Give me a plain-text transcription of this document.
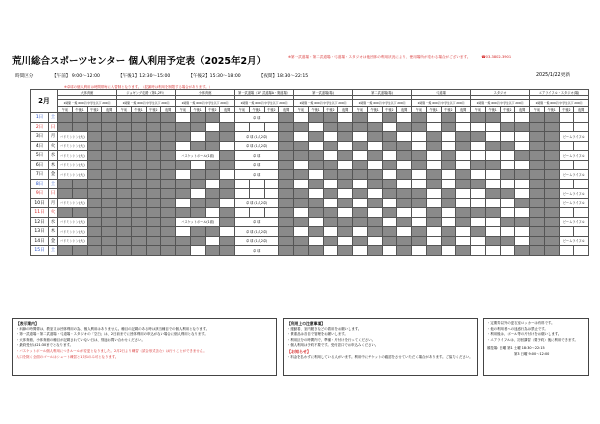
荒川総合スポーツセンター 個人利用予定表（2025年2月）	※第一武道場・第二武道場・弓道場・スタジオは他団体の利用状況により、使用場所が変わる場合がございます。　　　☎03-3802-3901
2025/1/22更新
時間区分	【午前】 9:00～12:00	【午後1】12:30～15:00	【午後2】15:30～18:00	【夜間】18:30～22:15
※卓球の個人利用は時間帯毎に入替制となります。（混雑時は利用を制限する場合があります。）
2月		大体育館				ジョギング走路（第1,2Fl）				小体育館				第一武道場（1F 武道場A・剣道場）				第一武道場(場)				第二武道場(場)				弓道場				スタジオ				エアライフル・スタジオ(場)			

		2時間 一般 600円 中学生以下 200円				2時間 一般 600円 中学生以下 200円				2時間 一般 600円 中学生以下 200円				2時間 一般 600円 中学生以下 200円				2時間 一般 600円 中学生以下 200円				2時間 一般 600円 中学生以下 200円				2時間 一般 600円 中学生以下 200円				2時間 一般 600円 中学生以下 200円				2時間 一般 600円 中学生以下 200円			
		午前	午後1	午後2	夜間	午前	午後1	午後2	夜間	午前	午後1	午後2	夜間	午前	午後1	午後2	夜間	午前	午後1	午後2	夜間	午前	午後1	午後2	夜間	午前	午後1	午後2	夜間	午前	午後1	午後2	夜間	午前	午後1	午後2	夜間
1日	土													卓 球																							
2日	日																																				
3日	月	バドミントン(大)												卓 球 (1人2卓)																						ビームライフル	
4日	火	バドミントン(大)												卓 球 (1人2卓)																							
5日	水	バドミントン(大)								バスケットボール(1面)				卓 球																						ビームライフル	
6日	木	バドミントン(大)												卓 球																							
7日	金	バドミントン(大)												卓 球																						ビームライフル	
8日	土																																				
9日	日																																			ビームライフル	
10日	月	バドミントン(大)												卓 球 (1人2卓)																						ビームライフル	
11日	火																																				
12日	水	バドミントン(大)								バスケットボール(1面)				卓 球																						ビームライフル	
13日	木	バドミントン(大)												卓 球 (1人2卓)																							
14日	金	バドミントン(大)												卓 球 (1人2卓)																						ビームライフル	
15日	土													卓 球																							
【表示案内】
・斜線の時間帯は、教室又は団体利用の為、個人利用はありません。種目の記載のある時は該当種目での個人利用となります。
・第一武道場・第二武道場・弓道場・スタジオの「空白」は、2日前までに団体利用の申込がない場合に個人利用となります。
・大体育館、小体育館の種目が記載されていない日は、別途お問い合わせください。
・最終受付は21:30までとなります。
・バスケットボール個人利用につきルールが変更となりました。2月2日より練習（試合形式含む）は行うことができません。
入口を除く全面のゴールはシュート練習と1対1のみ可となります。
【利用上の注意事項】
・運動着、室内履きなどの着用をお願いします。
・貴重品は各自で管理をお願いします。
・利用区分の時間内で、準備・片付けを行ってください。
・個人利用は予約不要です。受付窓口でお申込みください。
【お知らせ】
・料金を払わずに利用している人がいます。利用中にチケットの確認をさせていただく場合があります。ご協力ください。
・定期券以外の更衣室ロッカーは有料です。
・他の利用者への迷惑行為は禁止です。
・利用後は、ボール等の片付けをお願いします。
・エアライフルは、初回講習（要予約）後に利用できます。
競技場: 日曜 第1 土曜 18:30～22:15
第3 日曜 9:00～12:00
